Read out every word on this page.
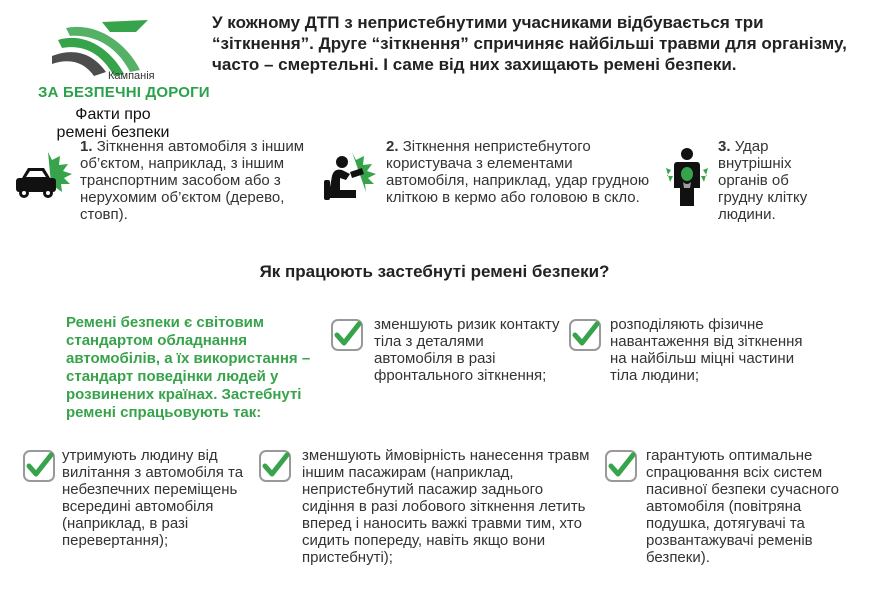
Кампанія
ЗА БЕЗПЕЧНІ ДОРОГИ
Факти про
ремені безпеки
У кожному ДТП з непристебнутими учасниками відбувається три “зіткнення”. Друге “зіткнення” спричиняє найбільші травми для організму, часто – смертельні. І саме від них захищають ремені безпеки.
1. Зіткнення автомобіля з іншим об’єктом, наприклад, з іншим транспортним засобом або з нерухомим об’єктом (дерево, стовп).
2. Зіткнення непристебнутого користувача з елементами автомобіля, наприклад, удар грудною кліткою в кермо або головою в скло.
3. Удар внутрішніх органів об грудну клітку людини.
Як працюють застебнуті ремені безпеки?
Ремені безпеки є світовим стандартом обладнання автомобілів, а їх використання – стандарт поведінки людей у розвинених країнах. Застебнуті ремені спрацьовують так:
зменшують ризик контакту тіла з деталями автомобіля в разі фронтального зіткнення;
розподіляють фізичне навантаження від зіткнення на найбільш міцні частини тіла людини;
утримують людину від вилітання з автомобіля та небезпечних переміщень всередині автомобіля (наприклад, в разі перевертання);
зменшують ймовірність нанесення травм іншим пасажирам (наприклад, непристебнутий пасажир заднього сидіння в разі лобового зіткнення летить вперед і наносить важкі травми тим, хто сидить попереду, навіть якщо вони пристебнуті);
гарантують оптимальне спрацювання всіх систем пасивної безпеки сучасного автомобіля (повітряна подушка, дотягувачі та розвантажувачі ременів безпеки).
